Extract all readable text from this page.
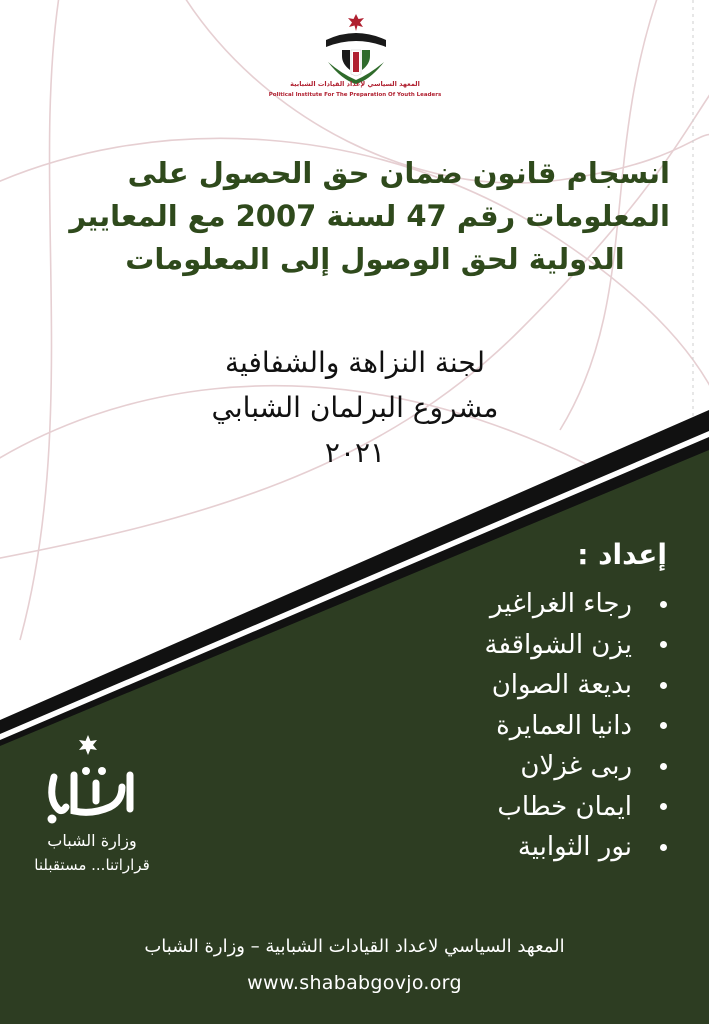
المعهد السياسي لإعداد القيادات الشبابية
Political Institute For The Preparation Of Youth Leaders
انسجام قانون ضمان حق الحصول على
المعلومات رقم 47 لسنة 2007 مع المعايير
الدولية لحق الوصول إلى المعلومات
لجنة النزاهة والشفافية
مشروع البرلمان الشبابي
٢٠٢١
إعداد :
رجاء الغراغير
يزن الشواقفة
بديعة الصوان
دانيا العمايرة
ربى غزلان
ايمان خطاب
نور الثوابية
وزارة الشباب
قراراتنا... مستقبلنا
المعهد السياسي لاعداد القيادات الشبابية – وزارة الشباب
www.shababgovjo.org
